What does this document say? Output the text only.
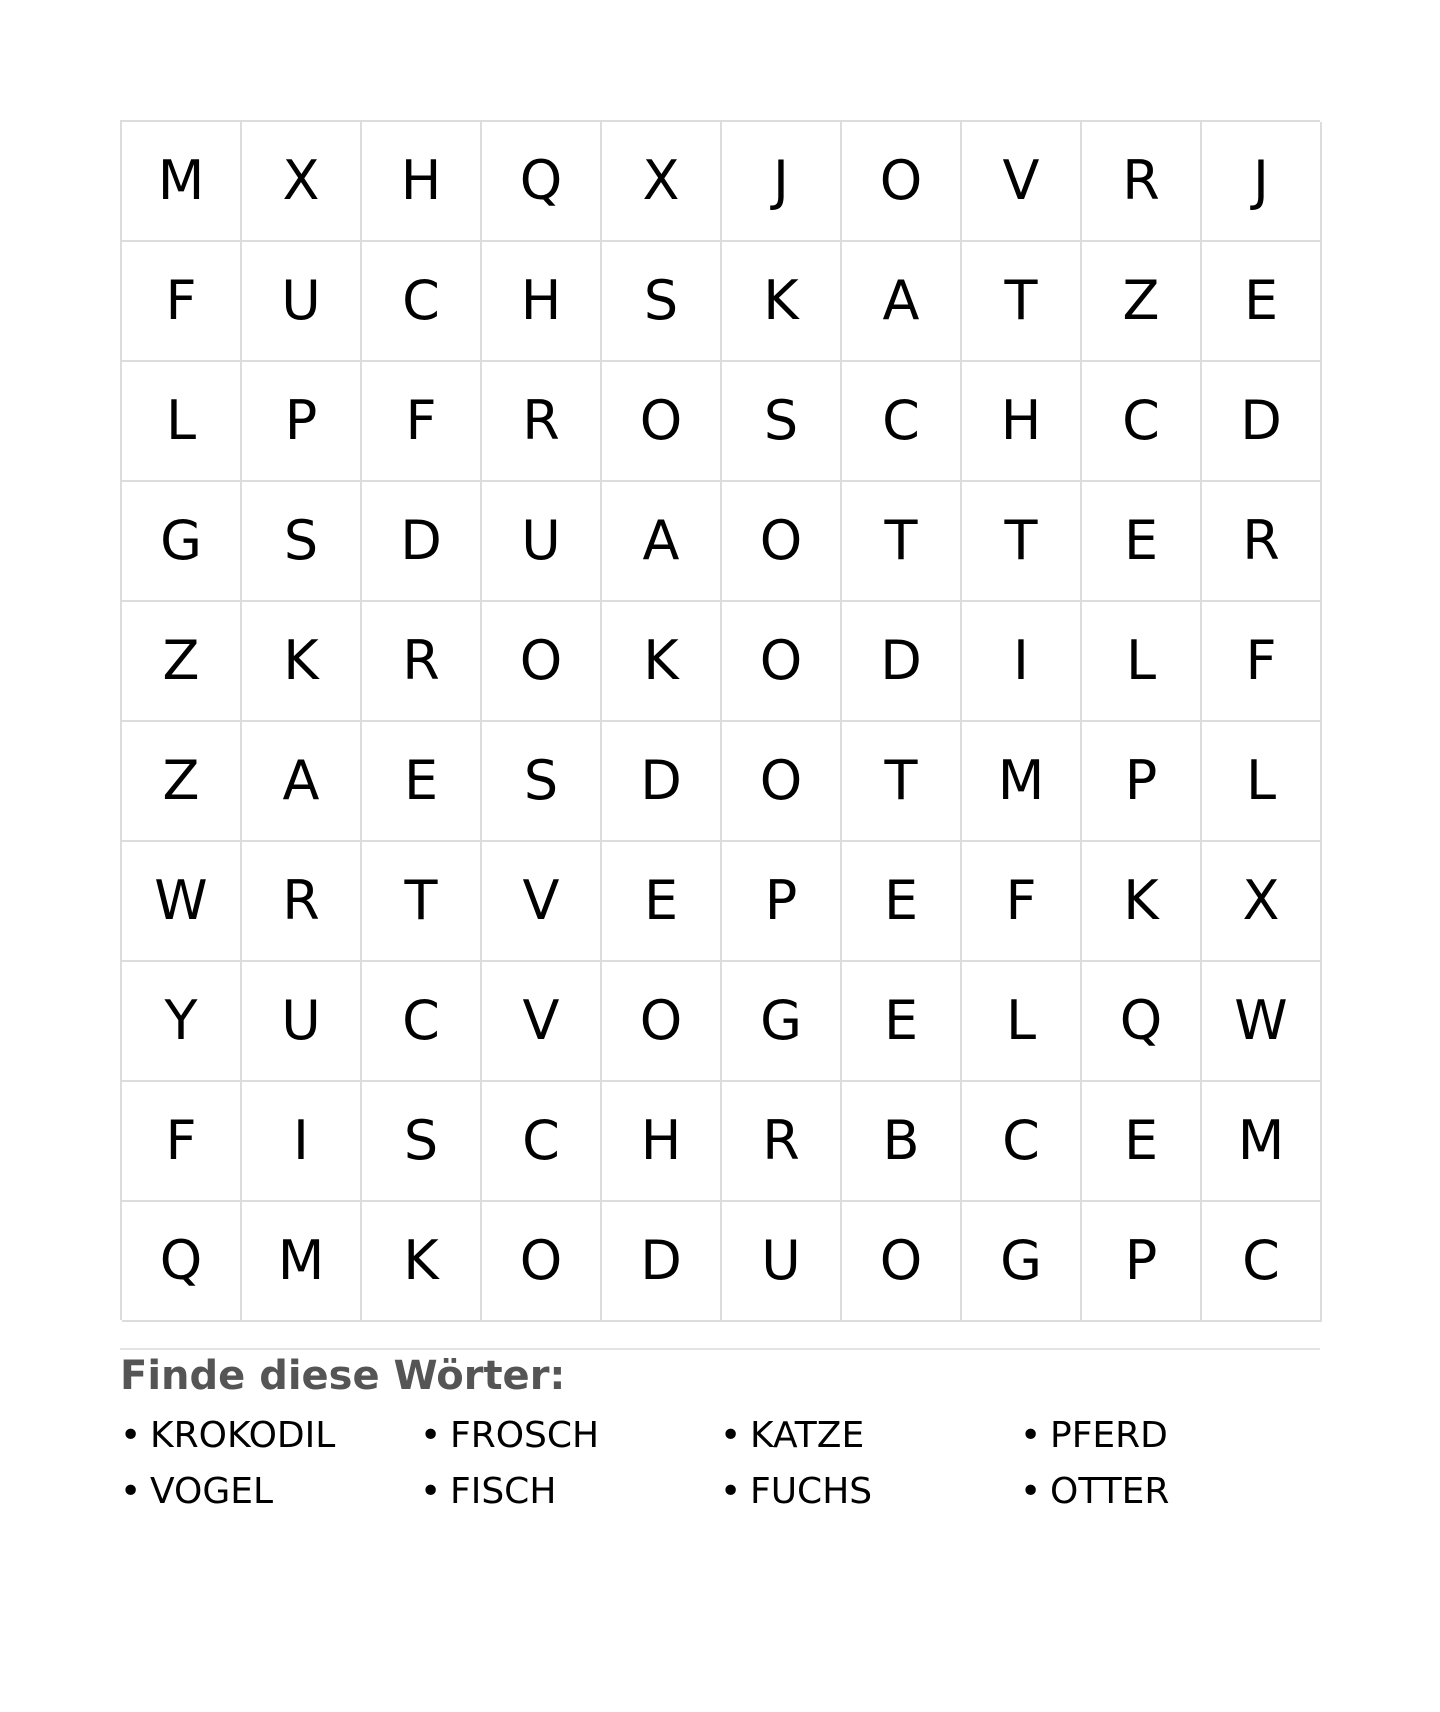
M	X	H	Q	X	J	O	V	R	J
F	U	C	H	S	K	A	T	Z	E
L	P	F	R	O	S	C	H	C	D
G	S	D	U	A	O	T	T	E	R
Z	K	R	O	K	O	D	I	L	F
Z	A	E	S	D	O	T	M	P	L
W	R	T	V	E	P	E	F	K	X
Y	U	C	V	O	G	E	L	Q	W
F	I	S	C	H	R	B	C	E	M
Q	M	K	O	D	U	O	G	P	C
Finde diese Wörter:
• KROKODIL	• FROSCH	• KATZE	• PFERD
• VOGEL	• FISCH	• FUCHS	• OTTER
